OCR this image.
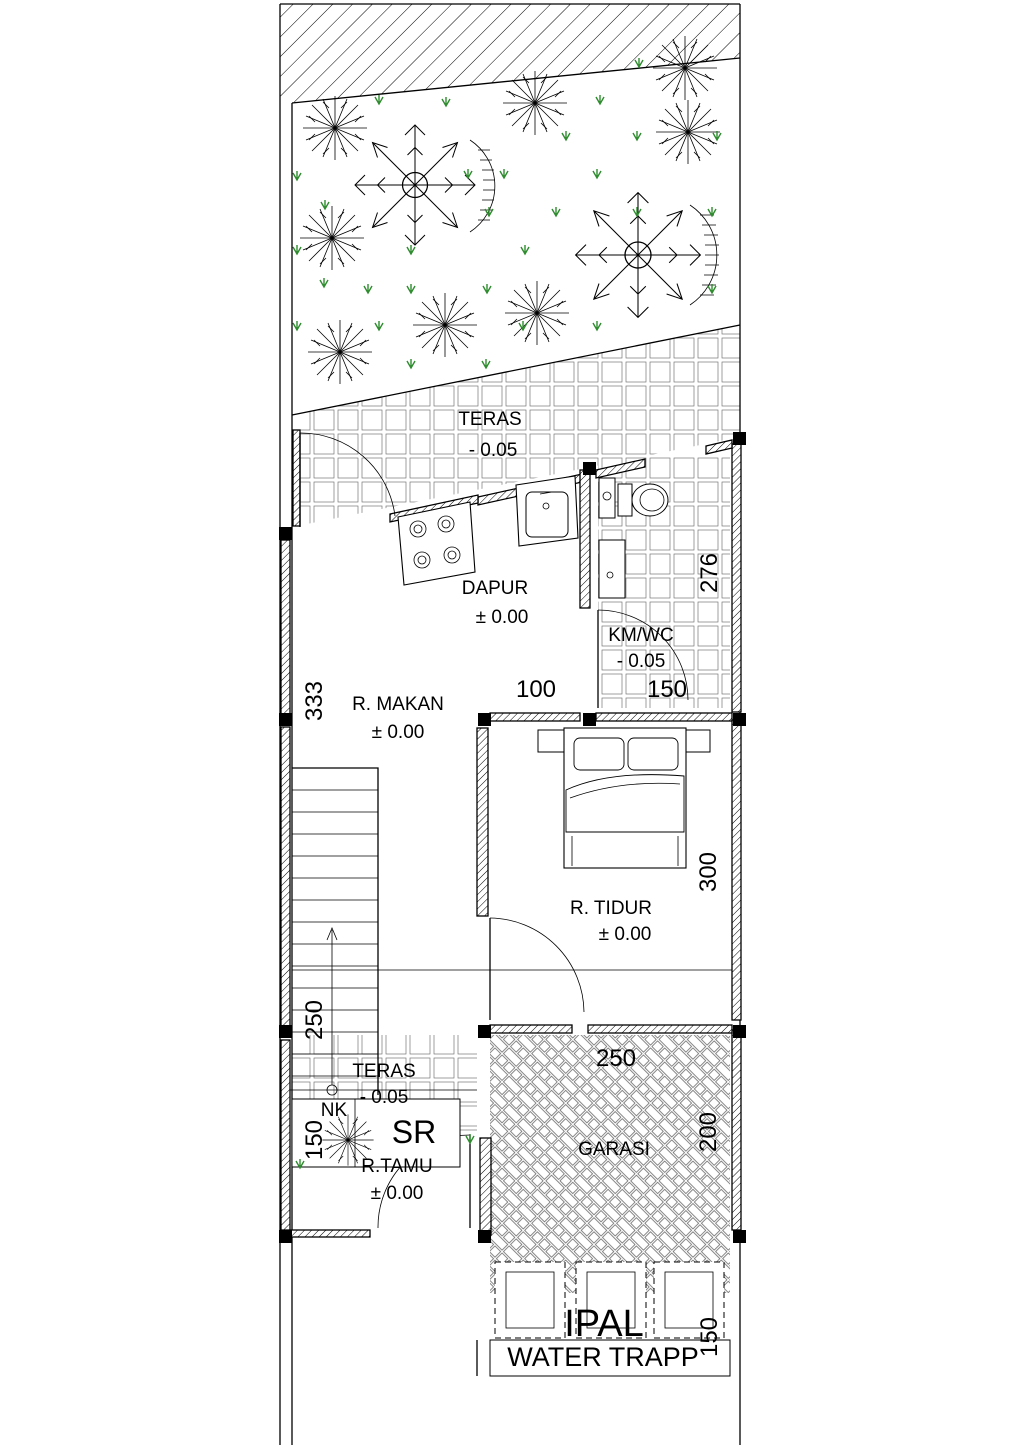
TERAS
- 0.05
DAPUR
± 0.00
KM/WC
- 0.05
R. MAKAN
± 0.00
R. TIDUR
± 0.00
R.TAMU
± 0.00
GARASI
TERAS
- 0.05
IPAL
SR
WATER TRAPP
NK
276
333	100	150
300
250
250
200
150
150
